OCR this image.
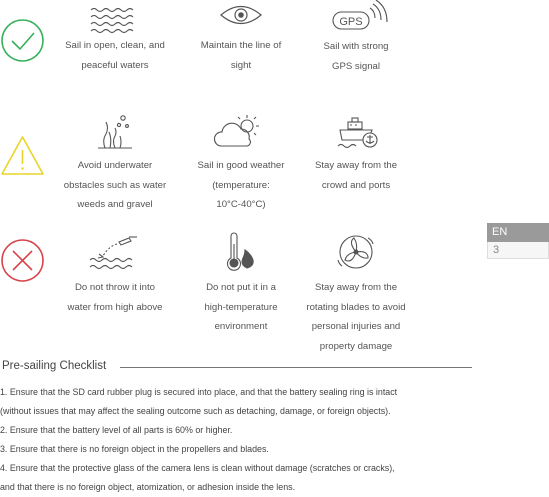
Sail in open, clean, and
peaceful waters
Maintain the line of
sight
GPS
Sail with strong
GPS signal
Avoid underwater
obstacles such as water
weeds and gravel
Sail in good weather
(temperature:
10°C-40°C)
Stay away from the
crowd and ports
Do not throw it into
water from high above
Do not put it in a
high-temperature
environment
Stay away from the
rotating blades to avoid
personal injuries and
property damage
EN
3
Pre-sailing Checklist
1. Ensure that the SD card rubber plug is secured into place, and that the battery sealing ring is intact
(without issues that may affect the sealing outcome such as detaching, damage, or foreign objects).
2. Ensure that the battery level of all parts is 60% or higher.
3. Ensure that there is no foreign object in the propellers and blades.
4. Ensure that the protective glass of the camera lens is clean without damage (scratches or cracks),
and that there is no foreign object, atomization, or adhesion inside the lens.
